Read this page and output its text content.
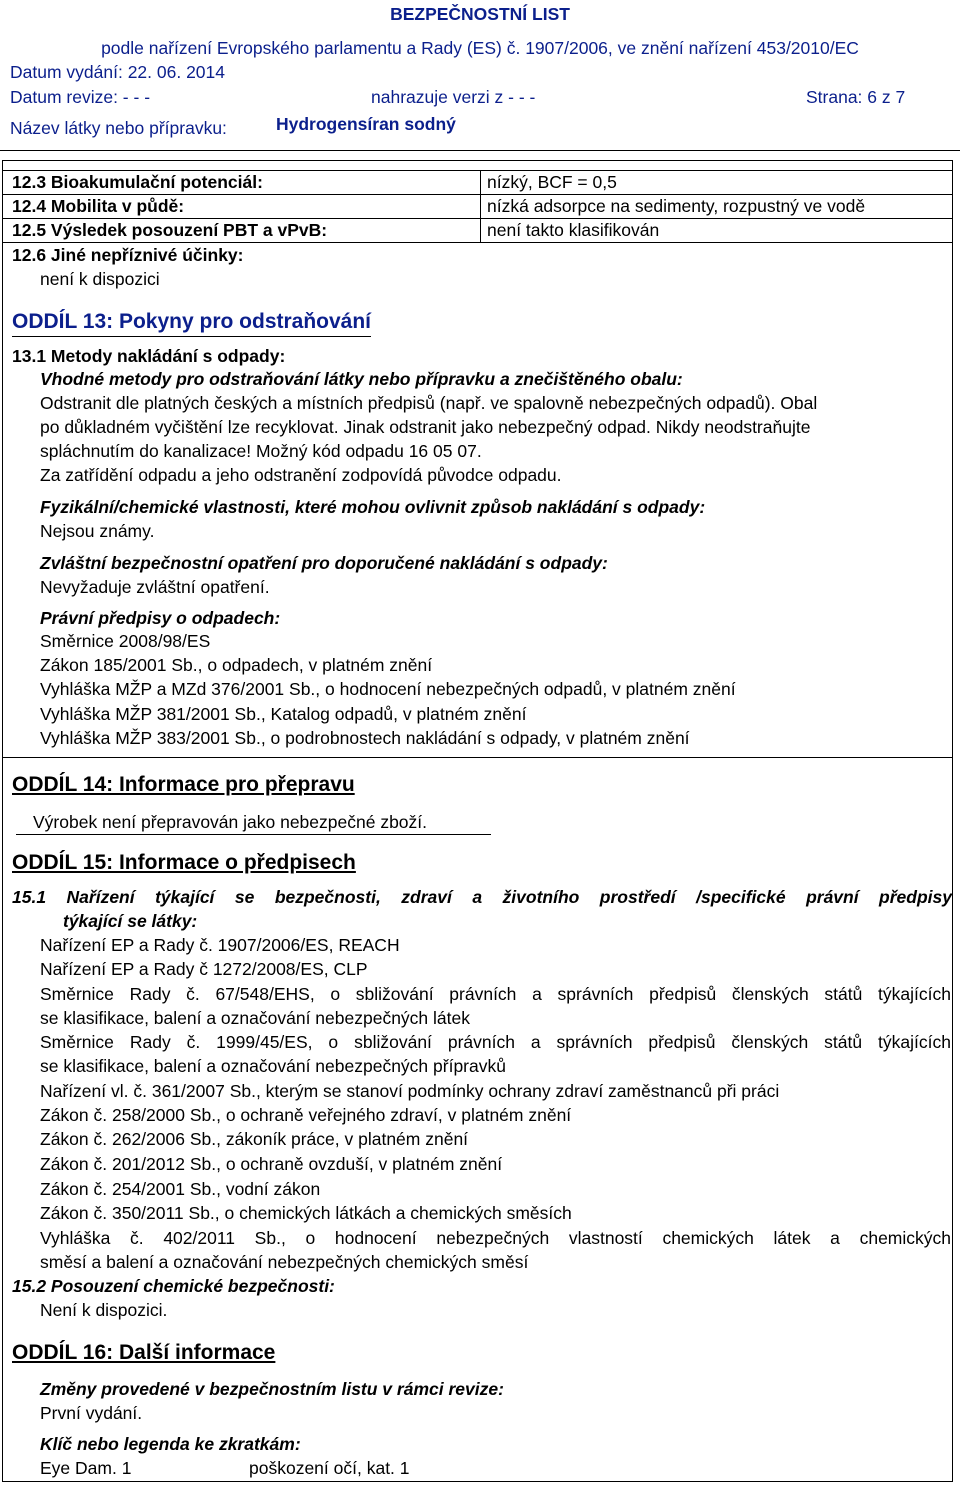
BEZPEČNOSTNÍ LIST
podle nařízení Evropského parlamentu a Rady (ES) č. 1907/2006, ve znění nařízení 453/2010/EC
Datum vydání: 22. 06. 2014
Datum revize: - - -	nahrazuje verzi z - - -	Strana: 6 z 7
Název látky nebo přípravku:	Hydrogensíran sodný
12.3 Bioakumulační potenciál:	nízký, BCF = 0,5
12.4 Mobilita v půdě:	nízká adsorpce na sedimenty, rozpustný ve vodě
12.5 Výsledek posouzení PBT a vPvB:	není takto klasifikován
12.6 Jiné nepříznivé účinky:
není k dispozici
ODDÍL 13: Pokyny pro odstraňování
13.1 Metody nakládání s odpady:
Vhodné metody pro odstraňování látky nebo přípravku a znečištěného obalu:
Odstranit dle platných českých a místních předpisů (např. ve spalovně nebezpečných odpadů). Obal
po důkladném vyčištění lze recyklovat. Jinak odstranit jako nebezpečný odpad. Nikdy neodstraňujte
spláchnutím do kanalizace! Možný kód odpadu 16 05 07.
Za zatřídění odpadu a jeho odstranění zodpovídá původce odpadu.
Fyzikální/chemické vlastnosti, které mohou ovlivnit způsob nakládání s odpady:
Nejsou známy.
Zvláštní bezpečnostní opatření pro doporučené nakládání s odpady:
Nevyžaduje zvláštní opatření.
Právní předpisy o odpadech:
Směrnice 2008/98/ES
Zákon 185/2001 Sb., o odpadech, v platném znění
Vyhláška MŽP a MZd 376/2001 Sb., o hodnocení nebezpečných odpadů, v platném znění
Vyhláška MŽP 381/2001 Sb., Katalog odpadů, v platném znění
Vyhláška MŽP 383/2001 Sb., o podrobnostech nakládání s odpady, v platném znění
ODDÍL 14: Informace pro přepravu
Výrobek není přepravován jako nebezpečné zboží.
ODDÍL 15: Informace o předpisech
15.1 Nařízení týkající se bezpečnosti, zdraví a životního prostředí /specifické právní předpisy
týkající se látky:
Nařízení EP a Rady č. 1907/2006/ES, REACH
Nařízení EP a Rady č 1272/2008/ES, CLP
Směrnice Rady č. 67/548/EHS, o sbližování právních a správních předpisů členských států týkajících
se klasifikace, balení a označování nebezpečných látek
Směrnice Rady č. 1999/45/ES, o sbližování právních a správních předpisů členských států týkajících
se klasifikace, balení a označování nebezpečných přípravků
Nařízení vl. č. 361/2007 Sb., kterým se stanoví podmínky ochrany zdraví zaměstnanců při práci
Zákon č. 258/2000 Sb., o ochraně veřejného zdraví, v platném znění
Zákon č. 262/2006 Sb., zákoník práce, v platném znění
Zákon č. 201/2012 Sb., o ochraně ovzduší, v platném znění
Zákon č. 254/2001 Sb., vodní zákon
Zákon č. 350/2011 Sb., o chemických látkách a chemických směsích
Vyhláška č. 402/2011 Sb., o hodnocení nebezpečných vlastností chemických látek a chemických
směsí a balení a označování nebezpečných chemických směsí
15.2 Posouzení chemické bezpečnosti:
Není k dispozici.
ODDÍL 16: Další informace
Změny provedené v bezpečnostním listu v rámci revize:
První vydání.
Klíč nebo legenda ke zkratkám:
Eye Dam. 1	poškození očí, kat. 1
